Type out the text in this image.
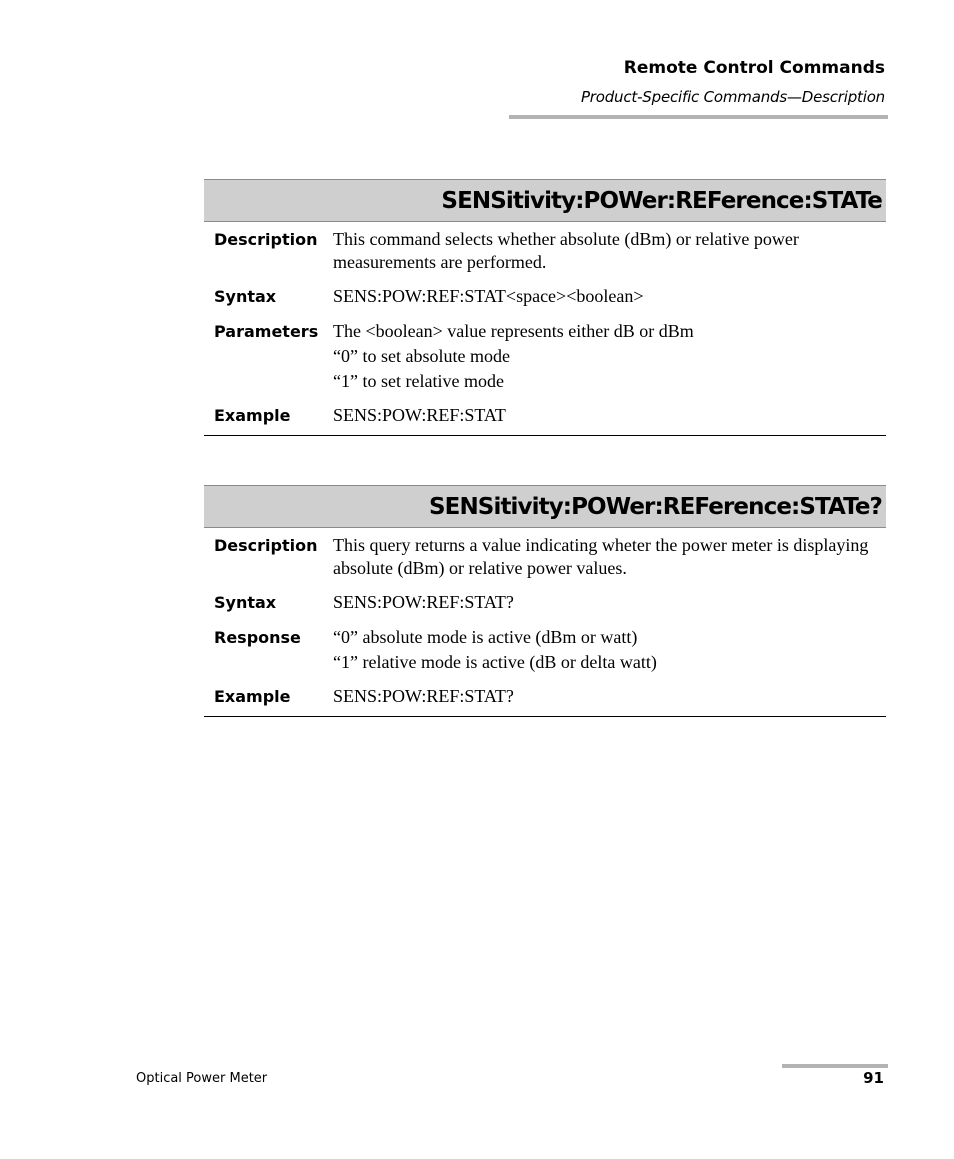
Remote Control Commands
Product-Specific Commands—Description
SENSitivity:POWer:REFerence:STATe
Description This command selects whether absolute (dBm) or relative power measurements are performed.
Syntax	SENS:POW:REF:STAT<space><boolean>
Parameters The <boolean> value represents either dB or dBm
“0” to set absolute mode
“1” to set relative mode
Example	SENS:POW:REF:STAT
SENSitivity:POWer:REFerence:STATe?
Description This query returns a value indicating wheter the power meter is displaying absolute (dBm) or relative power values.
Syntax	SENS:POW:REF:STAT?
Response	“0” absolute mode is active (dBm or watt)
“1” relative mode is active (dB or delta watt)
Example	SENS:POW:REF:STAT?
Optical Power Meter	91
